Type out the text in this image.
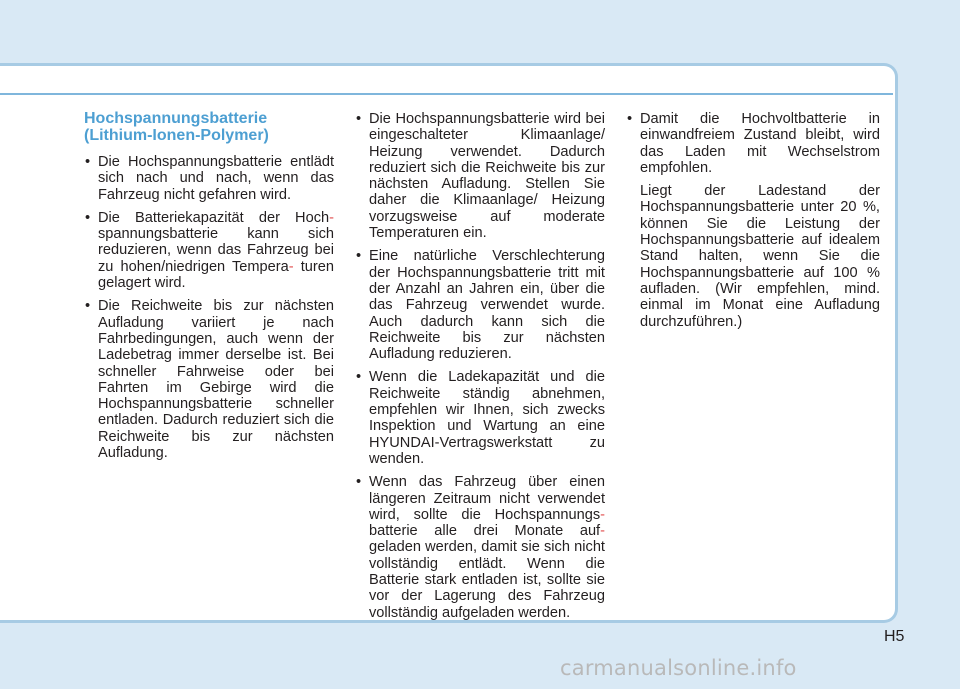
Hochspannungsbatterie (Lithium-Ionen-Polymer)
• Die Hochspannungsbatterie entlädt sich nach und nach, wenn das Fahrzeug nicht gefahren wird.
• Die Batteriekapazität der Hoch- spannungsbatterie kann sich reduzieren, wenn das Fahrzeug bei zu hohen/niedrigen Tempera- turen gelagert wird.
• Die Reichweite bis zur nächsten Aufladung variiert je nach Fahrbedingungen, auch wenn der Ladebetrag immer derselbe ist. Bei schneller Fahrweise oder bei Fahrten im Gebirge wird die Hochspannungsbatterie schneller entladen. Dadurch reduziert sich die Reichweite bis zur nächsten Aufladung.
• Die Hochspannungsbatterie wird bei eingeschalteter Klimaanlage/ Heizung verwendet. Dadurch reduziert sich die Reichweite bis zur nächsten Aufladung. Stellen Sie daher die Klimaanlage/ Heizung vorzugsweise auf moderate Temperaturen ein.
• Eine natürliche Verschlechterung der Hochspannungsbatterie tritt mit der Anzahl an Jahren ein, über die das Fahrzeug verwendet wurde. Auch dadurch kann sich die Reichweite bis zur nächsten Aufladung reduzieren.
• Wenn die Ladekapazität und die Reichweite ständig abnehmen, empfehlen wir Ihnen, sich zwecks Inspektion und Wartung an eine HYUNDAI-Vertragswerkstatt zu wenden.
• Wenn das Fahrzeug über einen längeren Zeitraum nicht verwendet wird, sollte die Hochspannungs- batterie alle drei Monate auf- geladen werden, damit sie sich nicht vollständig entlädt. Wenn die Batterie stark entladen ist, sollte sie vor der Lagerung des Fahrzeug vollständig aufgeladen werden.
• Damit die Hochvoltbatterie in einwandfreiem Zustand bleibt, wird das Laden mit Wechselstrom empfohlen.
Liegt der Ladestand der Hochspannungsbatterie unter 20 %, können Sie die Leistung der Hochspannungsbatterie auf idealem Stand halten, wenn Sie die Hochspannungsbatterie auf 100 % aufladen. (Wir empfehlen, mind. einmal im Monat eine Aufladung durchzuführen.)
H5
carmanualsonline.info
